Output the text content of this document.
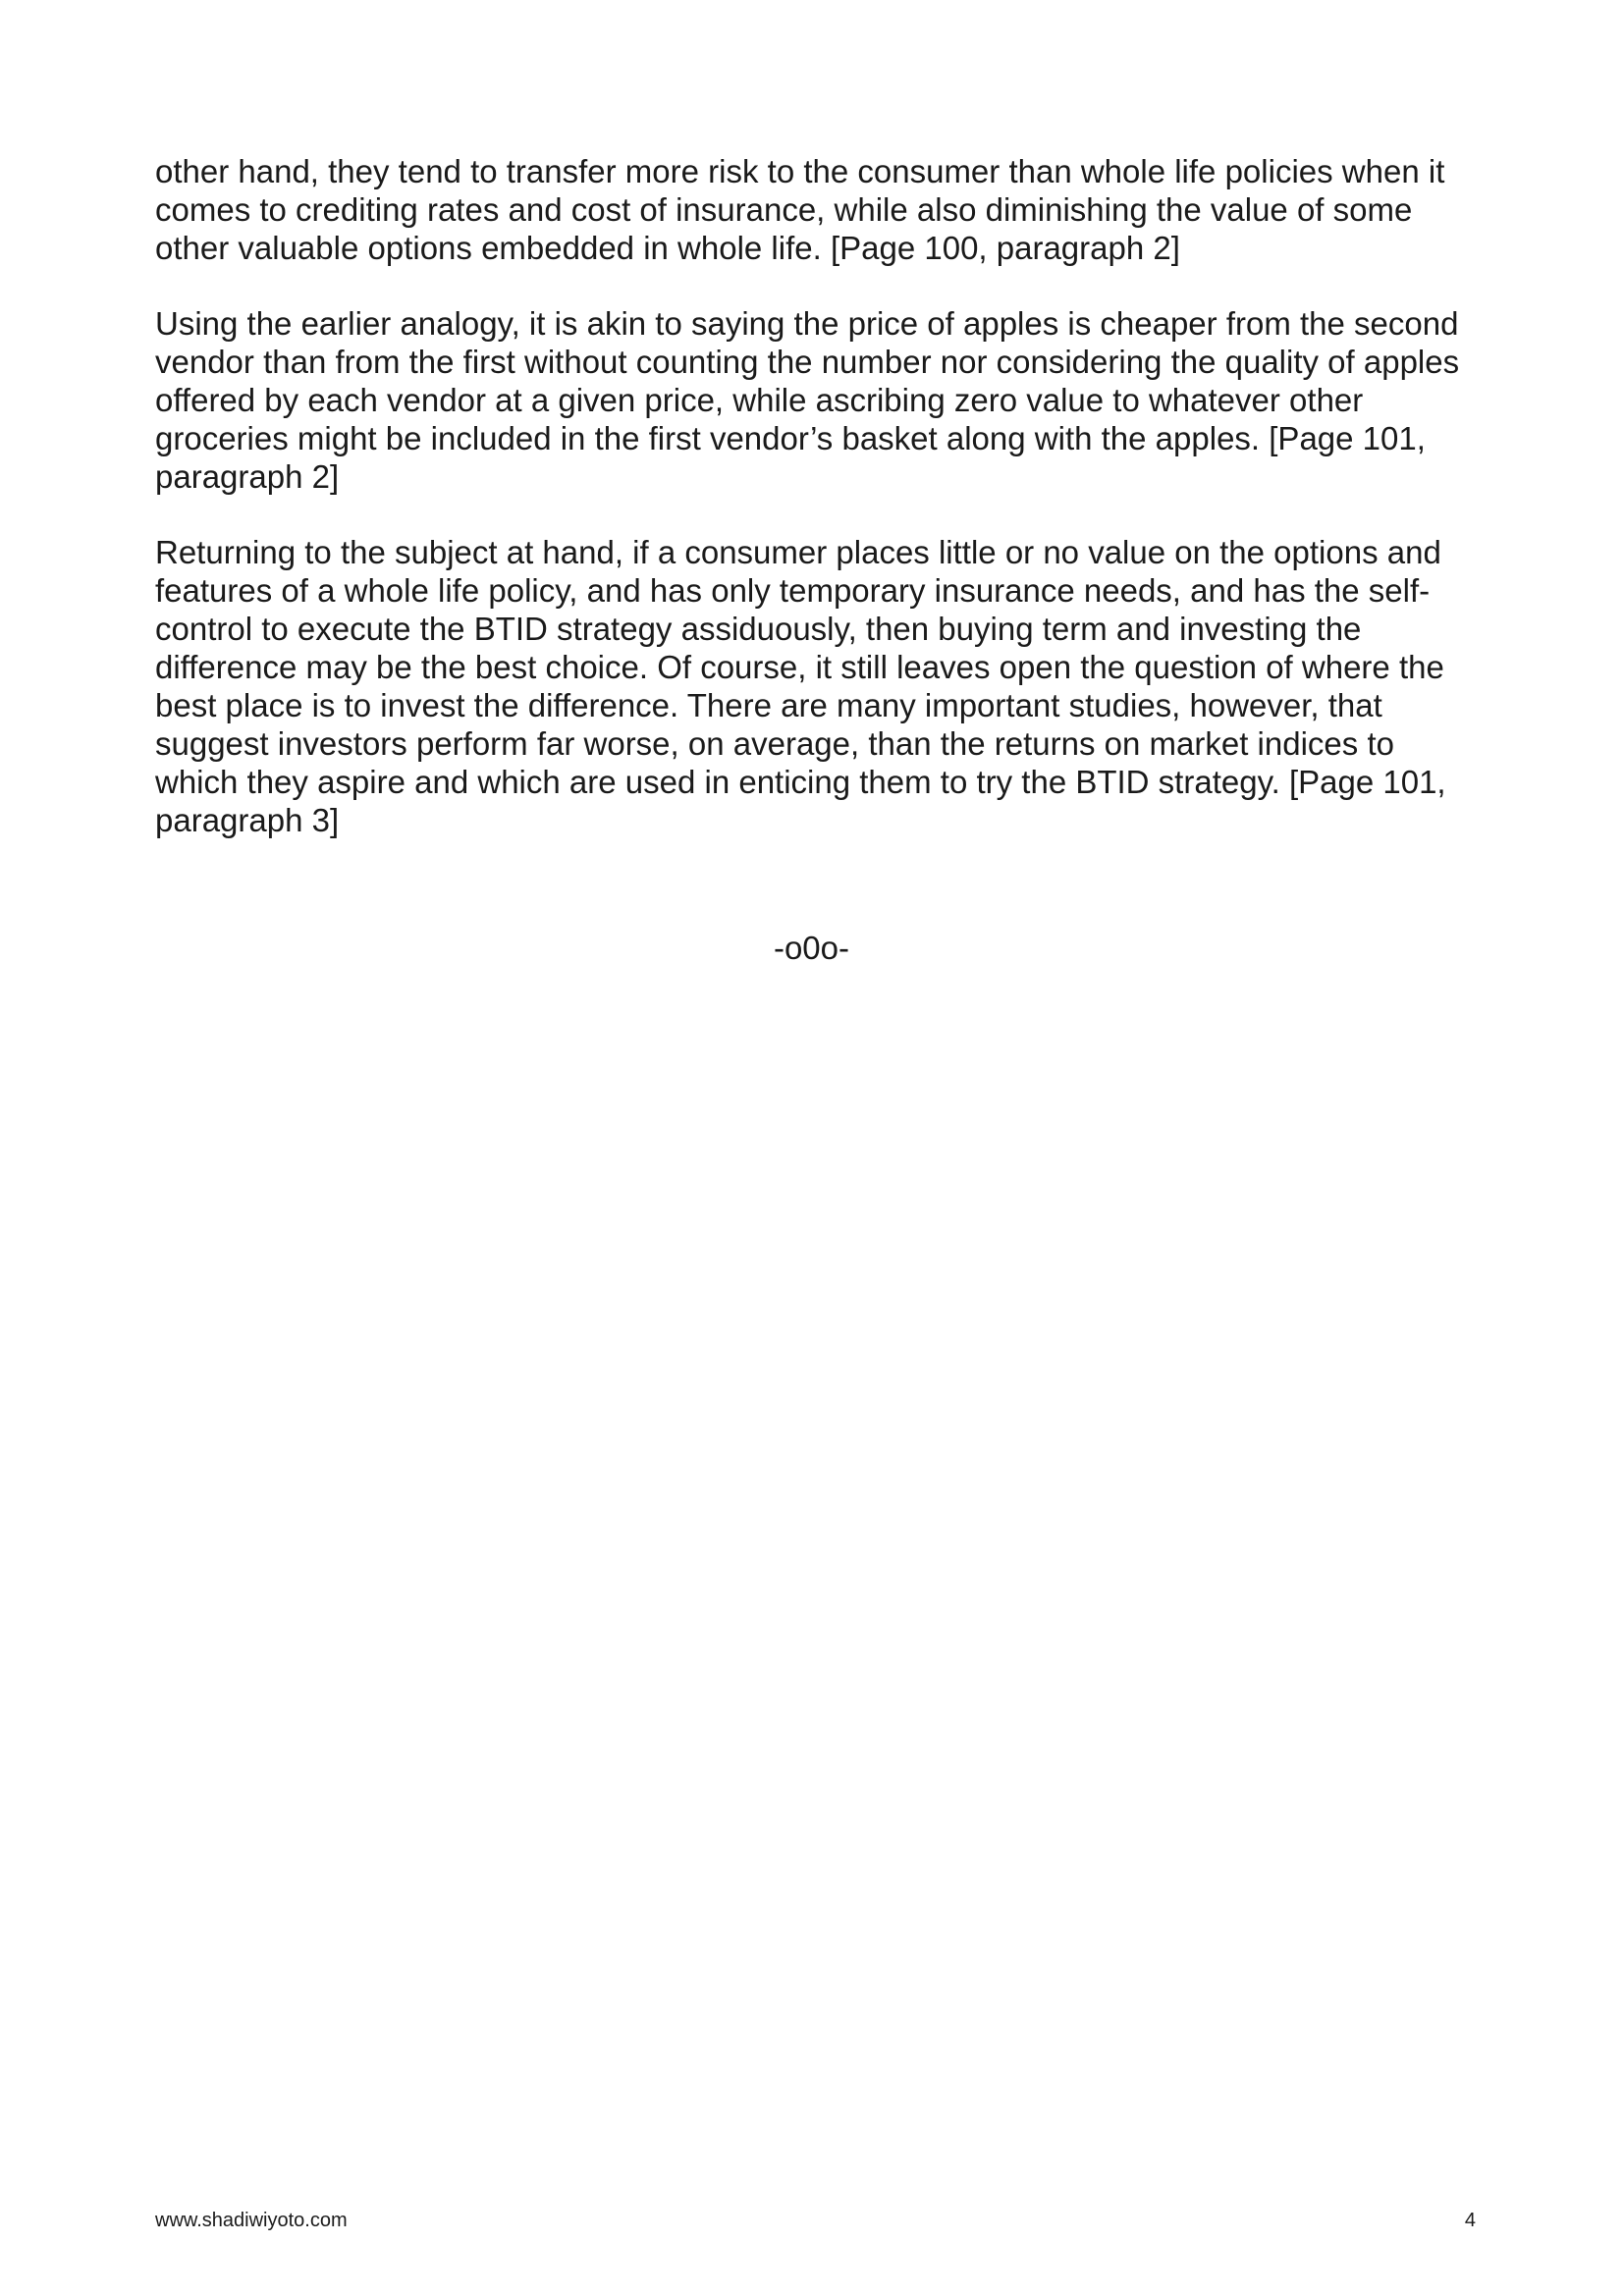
other hand, they tend to transfer more risk to the consumer than whole life policies when it comes to crediting rates and cost of insurance, while also diminishing the value of some other valuable options embedded in whole life. [Page 100, paragraph 2]

Using the earlier analogy, it is akin to saying the price of apples is cheaper from the second vendor than from the first without counting the number nor considering the quality of apples offered by each vendor at a given price, while ascribing zero value to whatever other groceries might be included in the first vendor’s basket along with the apples. [Page 101, paragraph 2]

Returning to the subject at hand, if a consumer places little or no value on the options and features of a whole life policy, and has only temporary insurance needs, and has the self-control to execute the BTID strategy assiduously, then buying term and investing the difference may be the best choice. Of course, it still leaves open the question of where the best place is to invest the difference. There are many important studies, however, that suggest investors perform far worse, on average, than the returns on market indices to which they aspire and which are used in enticing them to try the BTID strategy. [Page 101, paragraph 3]

-o0o-
www.shadiwiyoto.com	4
